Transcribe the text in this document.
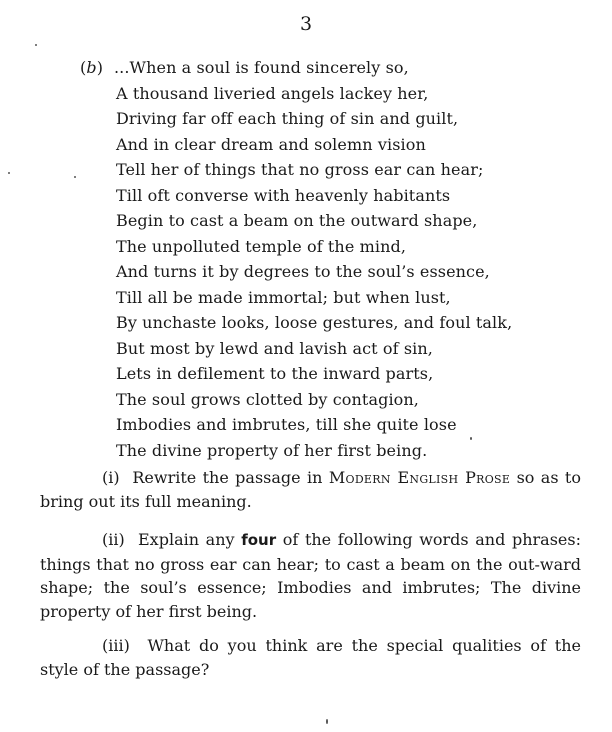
3
(b) ...When a soul is found sincerely so,
A thousand liveried angels lackey her,
Driving far off each thing of sin and guilt,
And in clear dream and solemn vision
Tell her of things that no gross ear can hear;
Till oft converse with heavenly habitants
Begin to cast a beam on the outward shape,
The unpolluted temple of the mind,
And turns it by degrees to the soul’s essence,
Till all be made immortal; but when lust,
By unchaste looks, loose gestures, and foul talk,
But most by lewd and lavish act of sin,
Lets in defilement to the inward parts,
The soul grows clotted by contagion,
Imbodies and imbrutes, till she quite lose
The divine property of her first being.
(i) Rewrite the passage in Modern English Prose so as to bring out its full meaning.
(ii) Explain any four of the following words and phrases: things that no gross ear can hear; to cast a beam on the out-ward shape; the soul’s essence; Imbodies and imbrutes; The divine property of her first being.
(iii) What do you think are the special qualities of the style of the passage?
